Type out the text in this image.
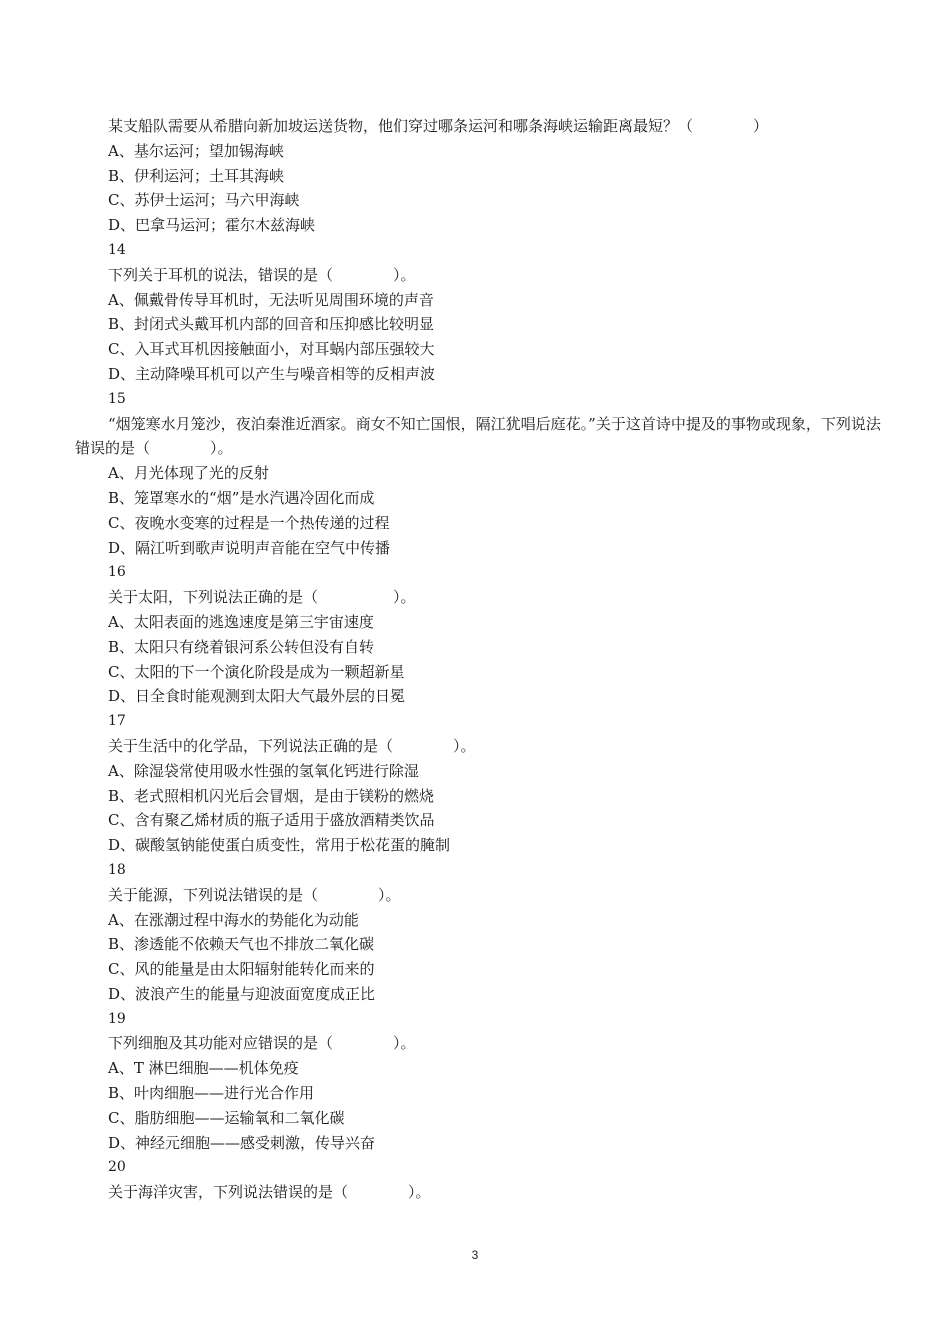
某支船队需要从希腊向新加坡运送货物，他们穿过哪条运河和哪条海峡运输距离最短？（　　　　）
A、基尔运河；望加锡海峡
B、伊利运河；土耳其海峡
C、苏伊士运河；马六甲海峡
D、巴拿马运河；霍尔木兹海峡
14
下列关于耳机的说法，错误的是（　　　　）。
A、佩戴骨传导耳机时，无法听见周围环境的声音
B、封闭式头戴耳机内部的回音和压抑感比较明显
C、入耳式耳机因接触面小，对耳蜗内部压强较大
D、主动降噪耳机可以产生与噪音相等的反相声波
15
“烟笼寒水月笼沙，夜泊秦淮近酒家。商女不知亡国恨，隔江犹唱后庭花。”关于这首诗中提及的事物或现象，下列说法错误的是（　　　　）。
A、月光体现了光的反射
B、笼罩寒水的“烟”是水汽遇冷固化而成
C、夜晚水变寒的过程是一个热传递的过程
D、隔江听到歌声说明声音能在空气中传播
16
关于太阳，下列说法正确的是（　　　　　）。
A、太阳表面的逃逸速度是第三宇宙速度
B、太阳只有绕着银河系公转但没有自转
C、太阳的下一个演化阶段是成为一颗超新星
D、日全食时能观测到太阳大气最外层的日冕
17
关于生活中的化学品，下列说法正确的是（　　　　）。
A、除湿袋常使用吸水性强的氢氧化钙进行除湿
B、老式照相机闪光后会冒烟，是由于镁粉的燃烧
C、含有聚乙烯材质的瓶子适用于盛放酒精类饮品
D、碳酸氢钠能使蛋白质变性，常用于松花蛋的腌制
18
关于能源，下列说法错误的是（　　　　）。
A、在涨潮过程中海水的势能化为动能
B、渗透能不依赖天气也不排放二氧化碳
C、风的能量是由太阳辐射能转化而来的
D、波浪产生的能量与迎波面宽度成正比
19
下列细胞及其功能对应错误的是（　　　　）。
A、T 淋巴细胞——机体免疫
B、叶肉细胞——进行光合作用
C、脂肪细胞——运输氧和二氧化碳
D、神经元细胞——感受刺激，传导兴奋
20
关于海洋灾害，下列说法错误的是（　　　　）。
3
